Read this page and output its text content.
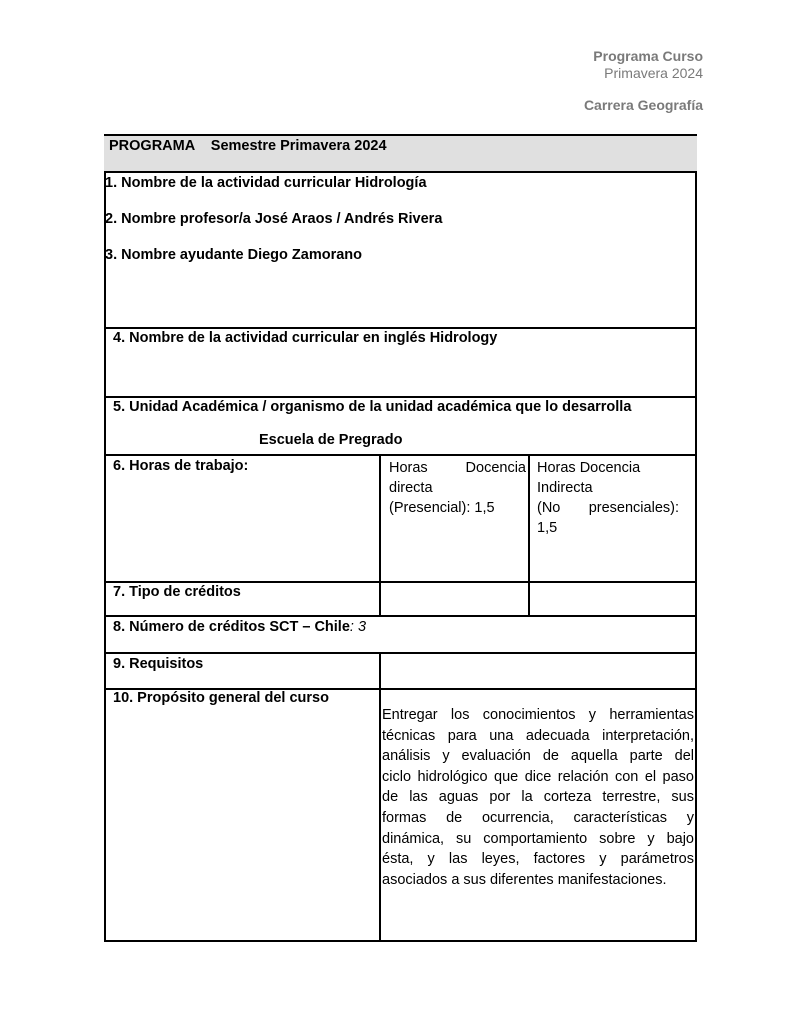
Programa Curso
Primavera 2024
Carrera Geografía
PROGRAMA    Semestre Primavera 2024
1. Nombre de la actividad curricular Hidrología
2. Nombre profesor/a José Araos / Andrés Rivera
3. Nombre ayudante Diego Zamorano
4. Nombre de la actividad curricular en inglés Hidrology
5. Unidad Académica / organismo de la unidad académica que lo desarrolla
Escuela de Pregrado
6. Horas de trabajo:	Horas Docencia
directa
(Presencial): 1,5
Horas Docencia
Indirecta
(No presenciales):
1,5
7. Tipo de créditos
8. Número de créditos SCT – Chile: 3
9. Requisitos
10. Propósito general del curso
Entregar los conocimientos y herramientas
técnicas para una adecuada interpretación,
análisis y evaluación de aquella parte del
ciclo hidrológico que dice relación con el paso
de las aguas por la corteza terrestre, sus
formas de ocurrencia, características y
dinámica, su comportamiento sobre y bajo
ésta, y las leyes, factores y parámetros
asociados a sus diferentes manifestaciones.
